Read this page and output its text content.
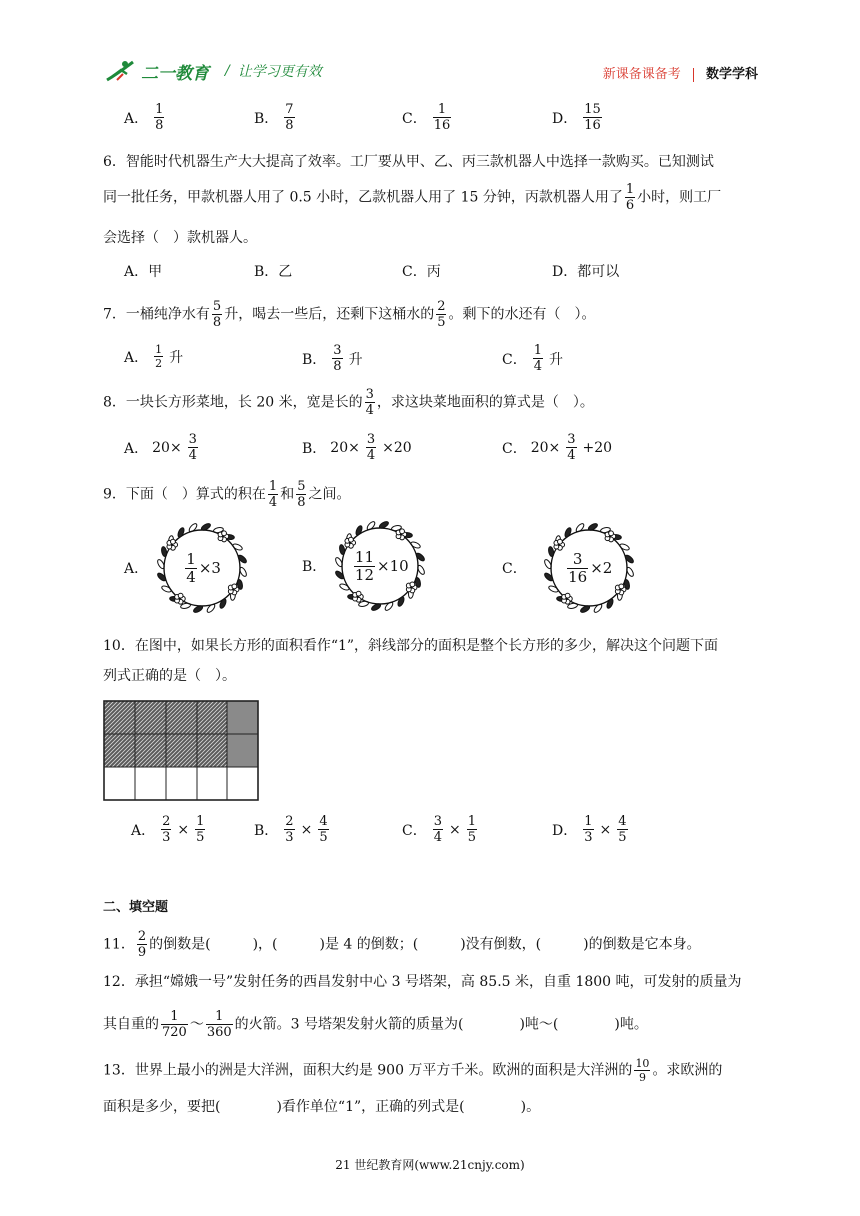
二一教育 / 让学习更有效	新课备课备考 数学学科
A． $\frac{1}{8}$	B． $\frac{7}{8}$	C． $\frac{1}{16}$	D． $\frac{15}{16}$
6．智能时代机器生产大大提高了效率。工厂要从甲、乙、丙三款机器人中选择一款购买。已知测试
同一批任务，甲款机器人用了 0.5 小时，乙款机器人用了 15 分钟，丙款机器人用了 $\frac{1}{6}$ 小时，则工厂
会选择（　）款机器人。
A．甲	B．乙	C．丙	D．都可以
7．一桶纯净水有 $\frac{5}{8}$ 升，喝去一些后，还剩下这桶水的 $\frac{2}{5}$ 。剩下的水还有（　）。
A． $\frac{1}{2}$ 升	B． $\frac{3}{8}$ 升	C． $\frac{1}{4}$ 升
8．一块长方形菜地，长 20 米，宽是长的 $\frac{3}{4}$ ，求这块菜地面积的算式是（　）。
A． $20\times \frac{3}{4}$	B． $20\times \frac{3}{4} \times 20$	C． $20\times \frac{3}{4} +20$
9．下面（　）算式的积在 $\frac{1}{4}$ 和 $\frac{5}{8}$ 之间。
A． $\frac{1}{4} \times 3$	B． $\frac{11}{12} \times 10$	C．	$\frac{3}{16} \times 2$
10．在图中，如果长方形的面积看作“1”，斜线部分的面积是整个长方形的多少，解决这个问题下面
列式正确的是（　）。
A． $\frac{2}{3} \times \frac{1}{5}$	B． $\frac{2}{3} \times \frac{4}{5}$	C． $\frac{3}{4} \times \frac{1}{5}$	D． $\frac{1}{3} \times \frac{4}{5}$
二、填空题
11． $\frac{2}{9}$ 的倒数是(　　　)，(　　　)是 4 的倒数；(　　　)没有倒数，(　　　)的倒数是它本身。
12．承担“嫦娥一号”发射任务的西昌发射中心 3 号塔架，高 85.5 米，自重 1800 吨，可发射的质量为
其自重的 $\frac{1}{720}$ ～ $\frac{1}{360}$ 的火箭。3 号塔架发射火箭的质量为(　　　　)吨～(　　　　)吨。
13．世界上最小的洲是大洋洲，面积大约是 900 万平方千米。欧洲的面积是大洋洲的 $\frac{10}{9}$ 。求欧洲的
面积是多少，要把(　　　　)看作单位“1”，正确的列式是(　　　　)。
21 世纪教育网(www.21cnjy.com)
